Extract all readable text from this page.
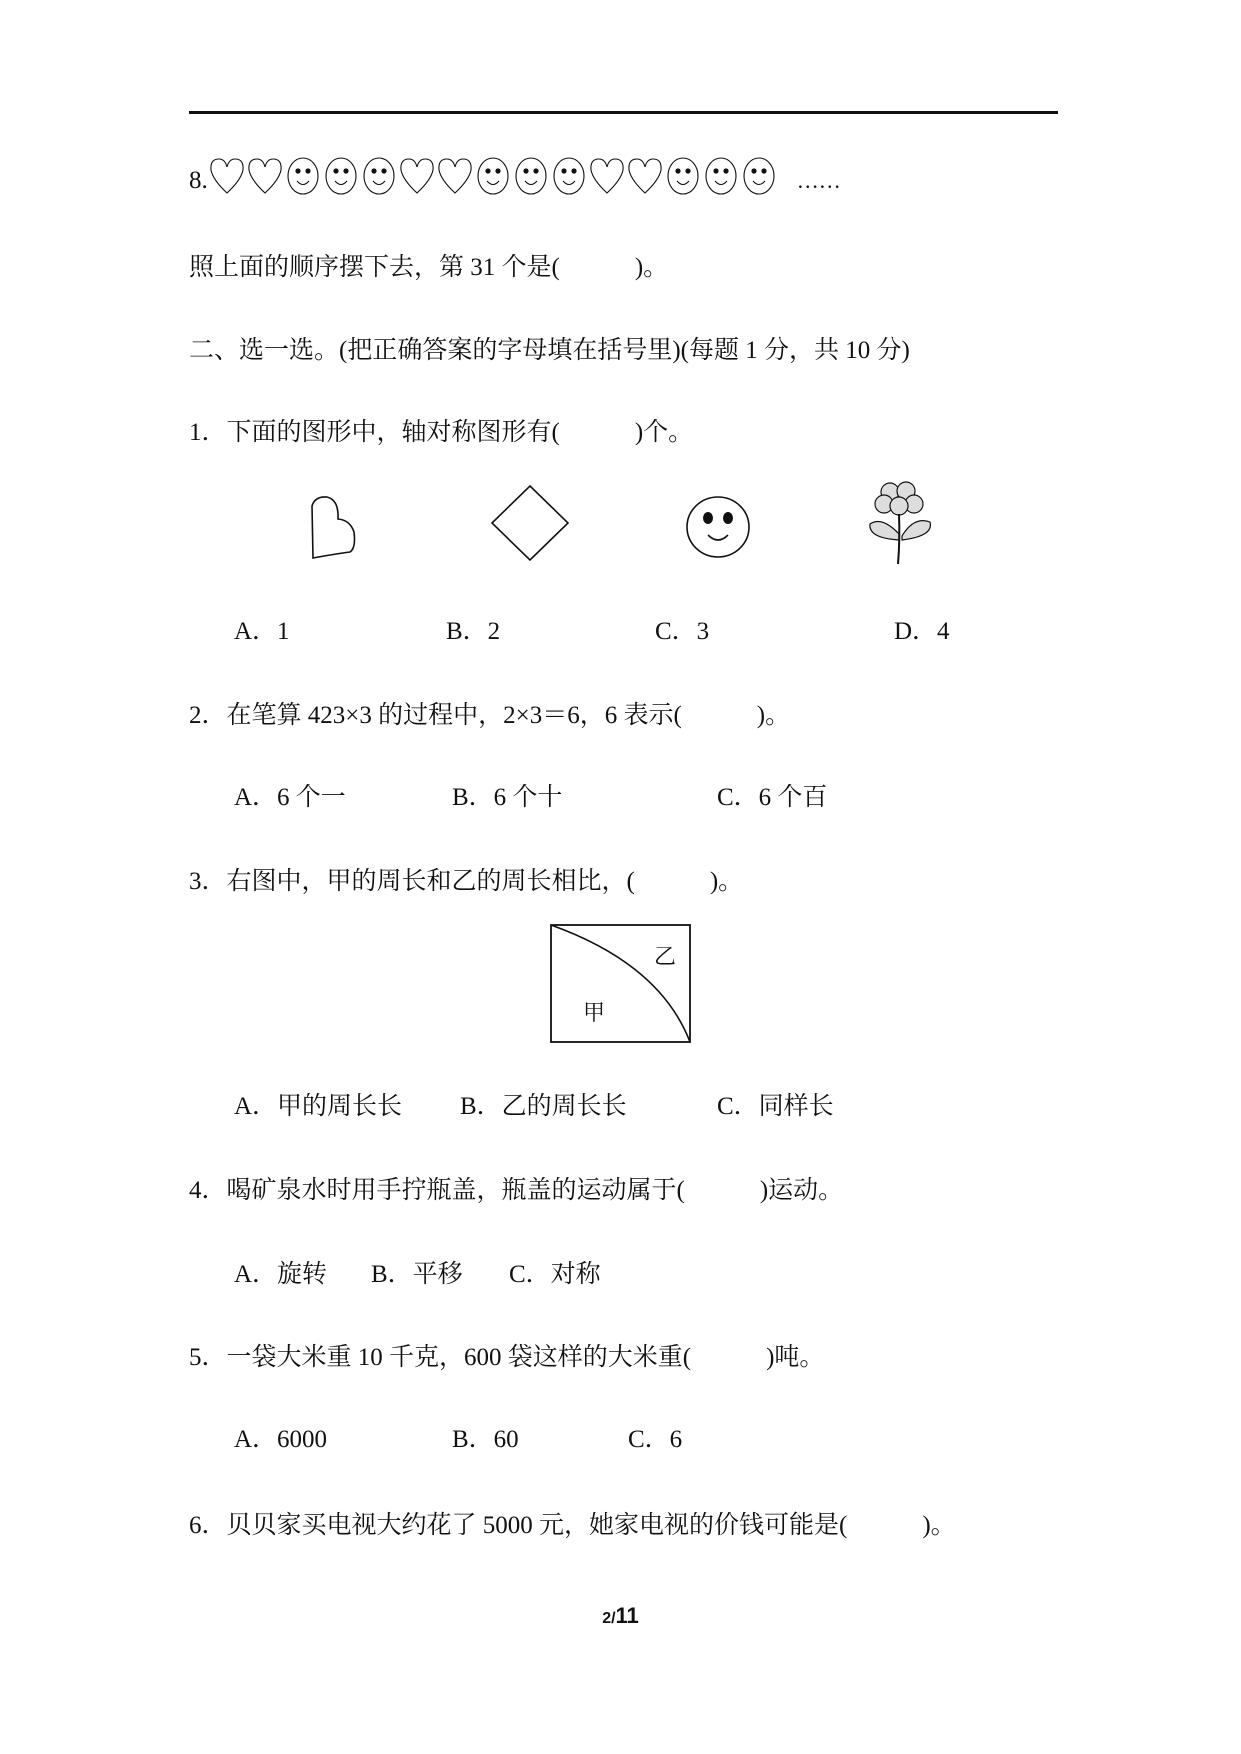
8.	……
照上面的顺序摆下去，第 31 个是(　　　)。
二、选一选。(把正确答案的字母填在括号里)(每题 1 分，共 10 分)
1．下面的图形中，轴对称图形有(　　　)个。
A．1	B．2	C．3	D．4
2．在笔算 423×3 的过程中，2×3＝6，6 表示(　　　)。
A．6 个一	B．6 个十	C．6 个百
3．右图中，甲的周长和乙的周长相比，(　　　)。
乙
甲
A．甲的周长长 B．乙的周长长	C．同样长
4．喝矿泉水时用手拧瓶盖，瓶盖的运动属于(　　　)运动。
A．旋转 B．平移 C．对称
5．一袋大米重 10 千克，600 袋这样的大米重(　　　)吨。
A．6000	B．60	C．6
6．贝贝家买电视大约花了 5000 元，她家电视的价钱可能是(　　　)。
2/11
